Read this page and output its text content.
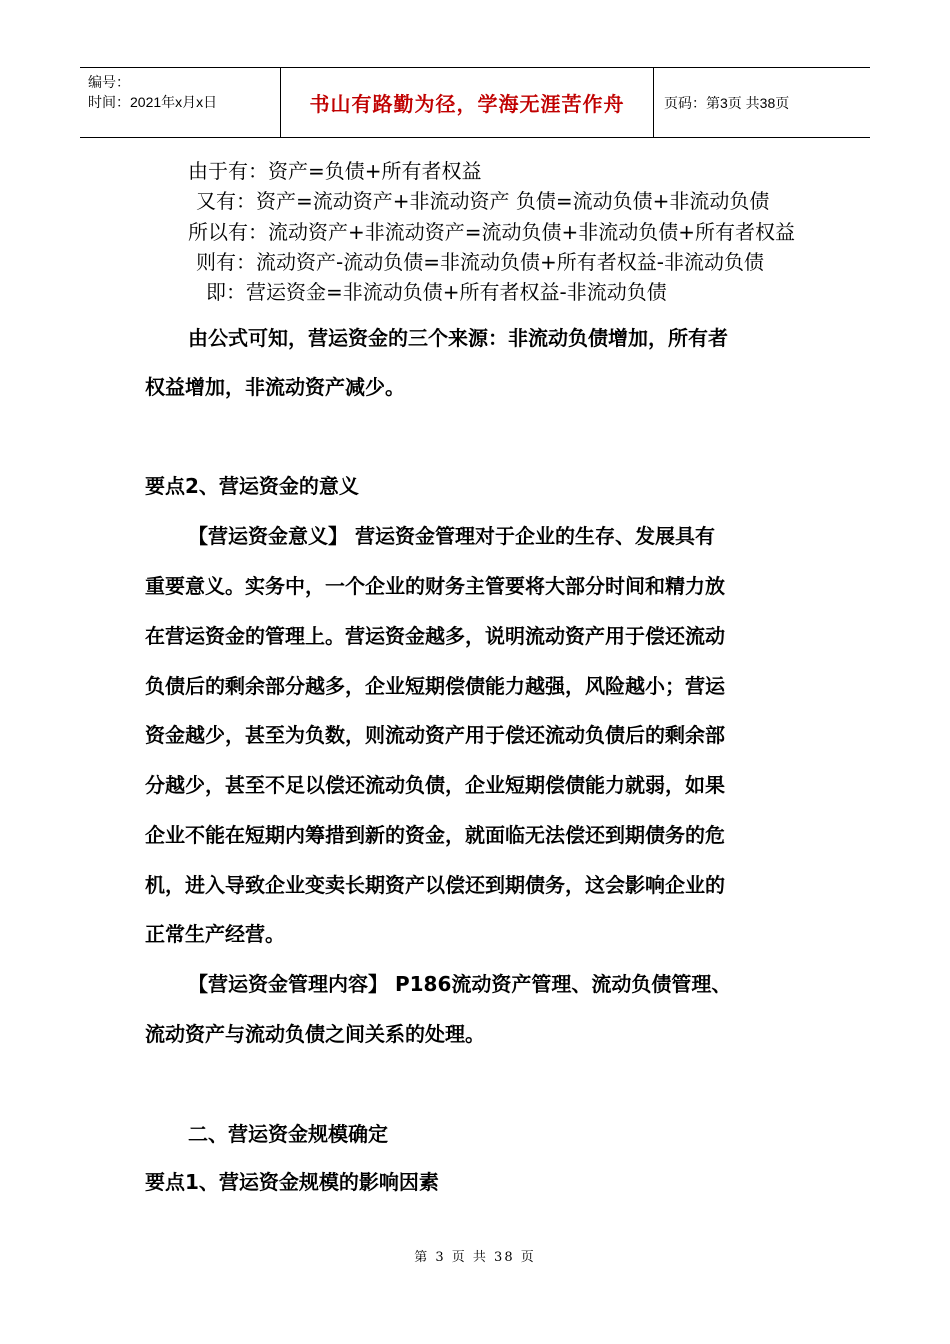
编号：
时间：2021年x月x日	书山有路勤为径，学海无涯苦作舟	页码：第3页 共38页
由于有：资产=负债+所有者权益
又有：资产=流动资产+非流动资产 负债=流动负债+非流动负债
所以有：流动资产+非流动资产=流动负债+非流动负债+所有者权益
则有：流动资产-流动负债=非流动负债+所有者权益-非流动负债
即：营运资金=非流动负债+所有者权益-非流动负债
由公式可知，营运资金的三个来源：非流动负债增加，所有者
权益增加，非流动资产减少。
要点2、营运资金的意义
【营运资金意义】 营运资金管理对于企业的生存、发展具有
重要意义。实务中，一个企业的财务主管要将大部分时间和精力放
在营运资金的管理上。营运资金越多，说明流动资产用于偿还流动
负债后的剩余部分越多，企业短期偿债能力越强，风险越小；营运
资金越少，甚至为负数，则流动资产用于偿还流动负债后的剩余部
分越少，甚至不足以偿还流动负债，企业短期偿债能力就弱，如果
企业不能在短期内筹措到新的资金，就面临无法偿还到期债务的危
机，进入导致企业变卖长期资产以偿还到期债务，这会影响企业的
正常生产经营。
【营运资金管理内容】 P186流动资产管理、流动负债管理、
流动资产与流动负债之间关系的处理。
二、营运资金规模确定
要点1、营运资金规模的影响因素
第 3 页 共 38 页
